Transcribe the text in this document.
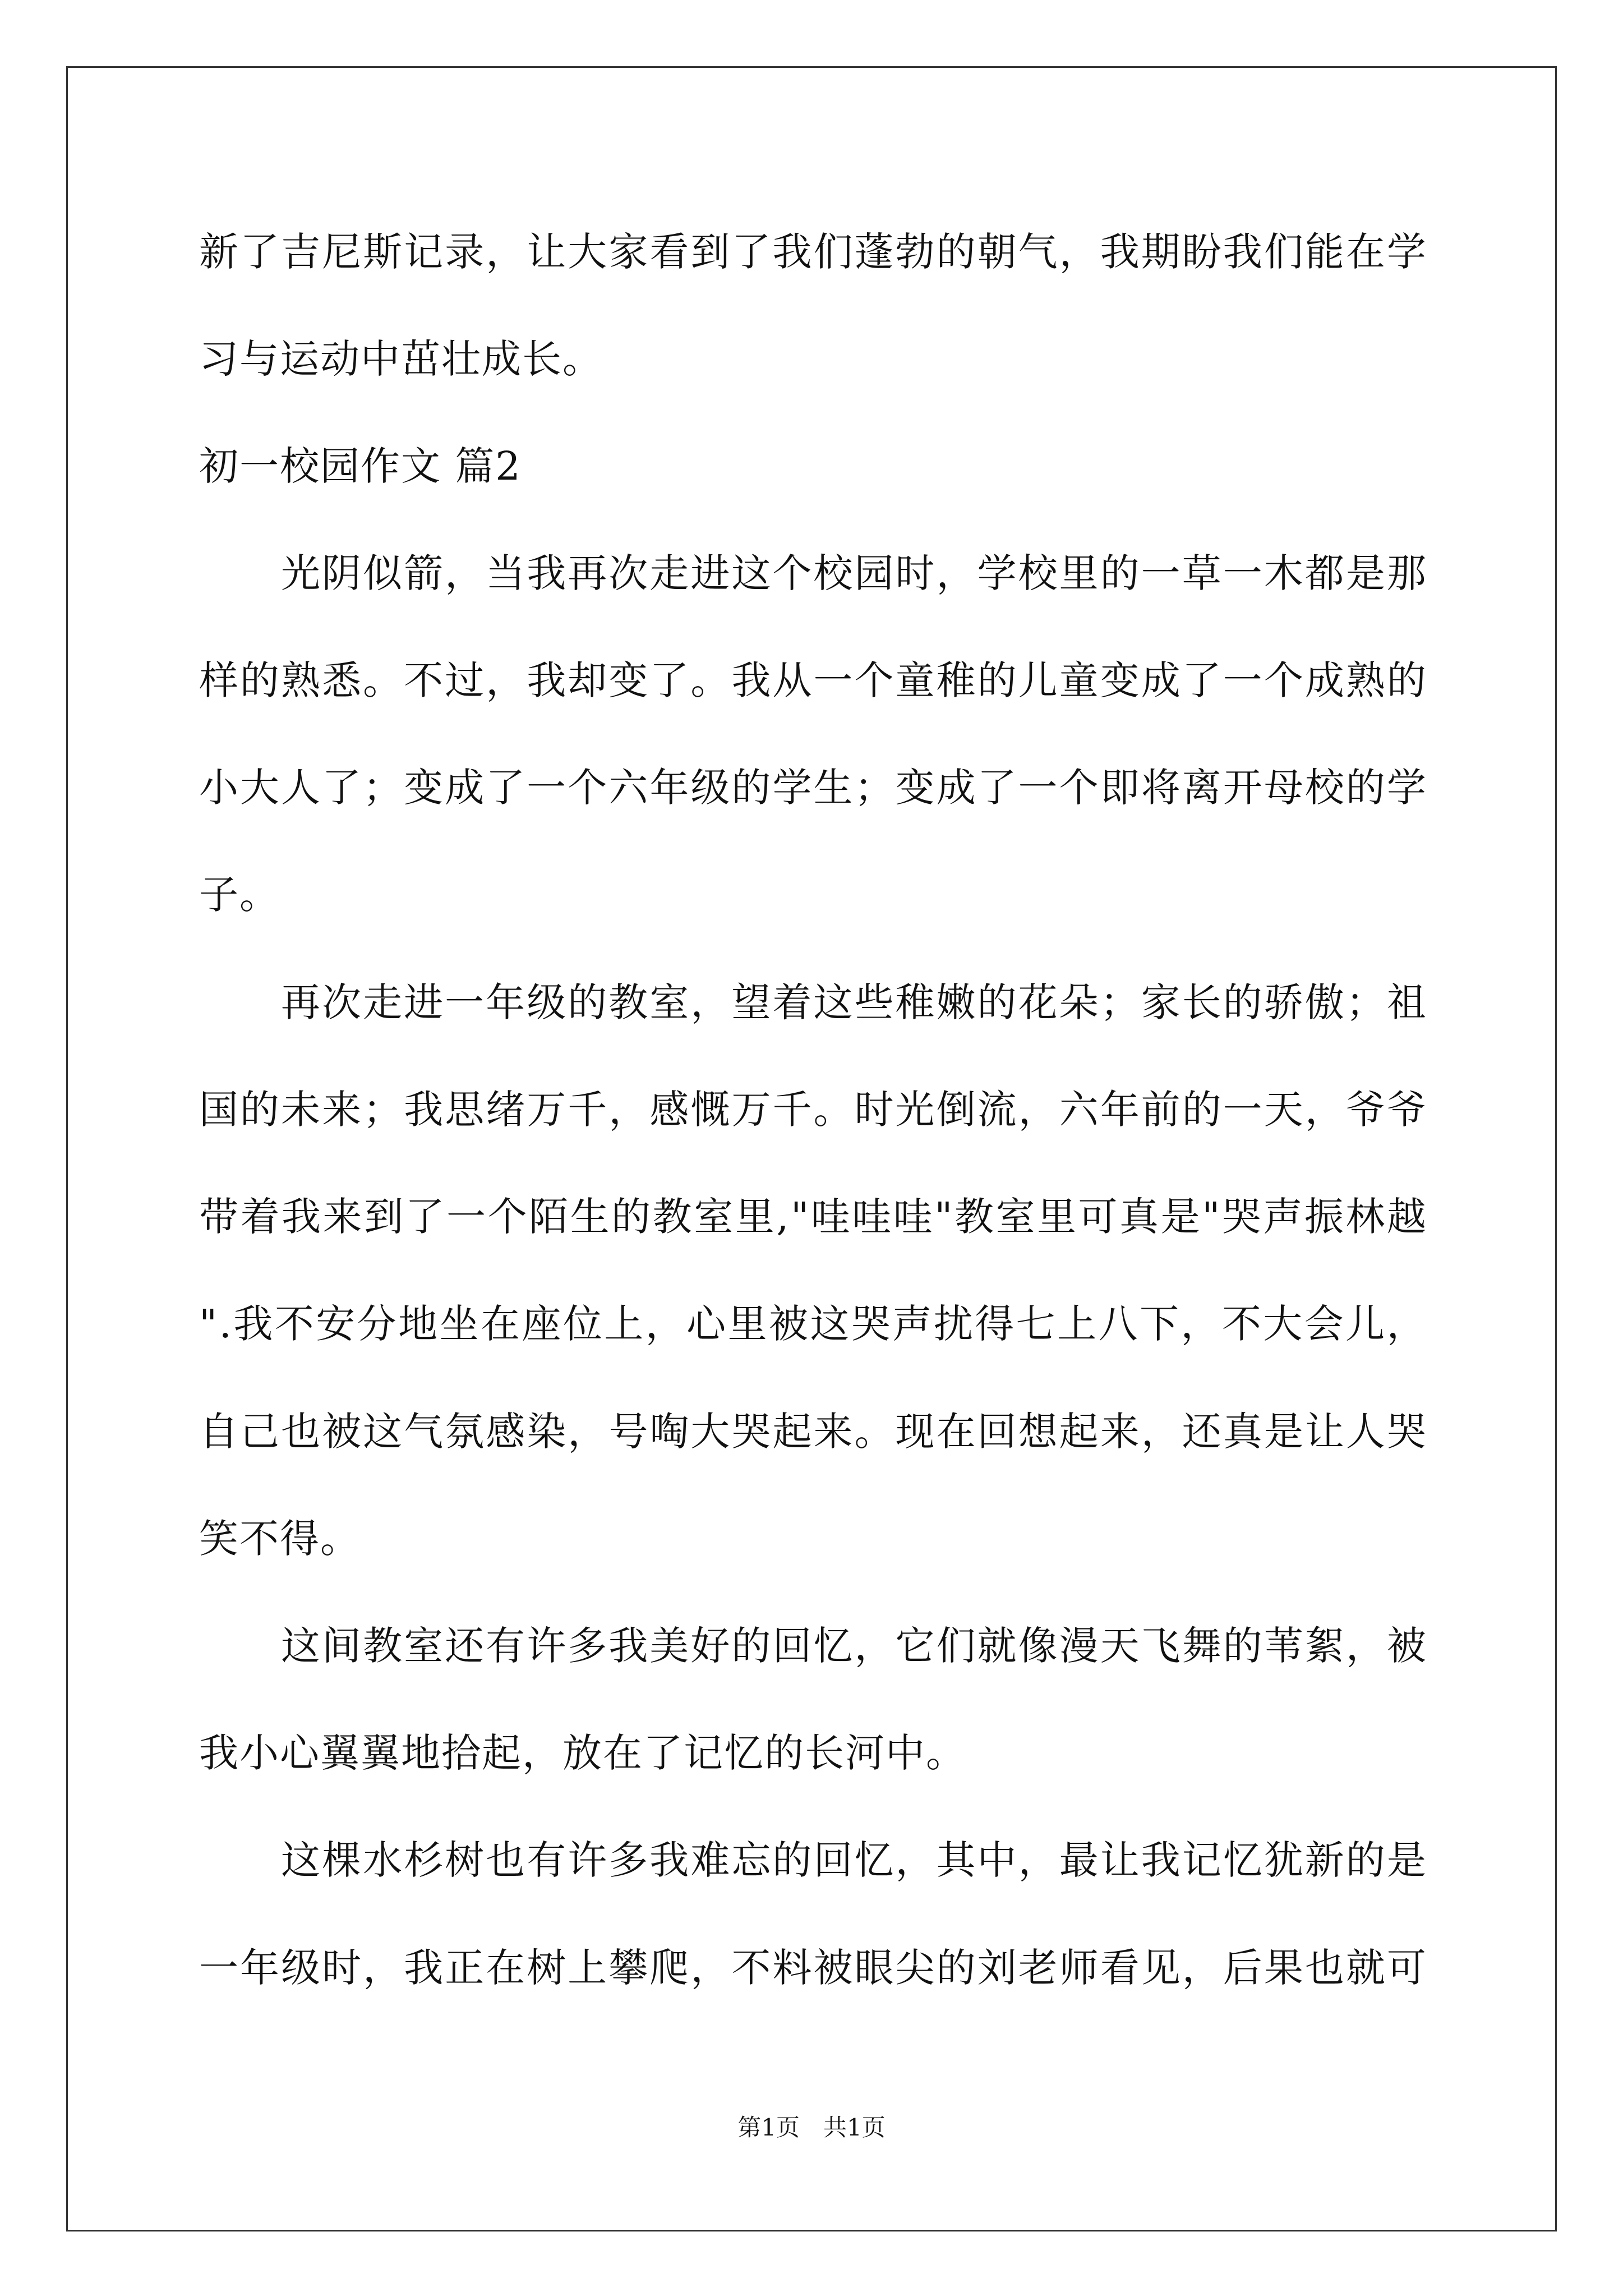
新 了 吉 尼 斯 记 录 ， 让 大 家 看 到 了 我 们 蓬 勃 的 朝 气 ， 我 期 盼 我 们 能 在 学
习与运动中茁壮成长。
初一校园作文 篇2
光 阴 似 箭 ， 当 我 再 次 走 进 这 个 校 园 时 ， 学 校 里 的 一 草 一 木 都 是 那
样 的 熟 悉 。 不 过 ， 我 却 变 了 。 我 从 一 个 童 稚 的 儿 童 变 成 了 一 个 成 熟 的
小 大 人 了 ； 变 成 了 一 个 六 年 级 的 学 生 ； 变 成 了 一 个 即 将 离 开 母 校 的 学
子。
再 次 走 进 一 年 级 的 教 室 ， 望 着 这 些 稚 嫩 的 花 朵 ； 家 长 的 骄 傲 ； 祖
国 的 未 来 ； 我 思 绪 万 千 ， 感 慨 万 千 。 时 光 倒 流 ， 六 年 前 的 一 天 ， 爷 爷
带 着 我 来 到 了 一 个 陌 生 的 教 室 里 , " 哇 哇 哇 " 教 室 里 可 真 是 " 哭 声 振 林 越
" . 我 不 安 分 地 坐 在 座 位 上 ， 心 里 被 这 哭 声 扰 得 七 上 八 下 ， 不 大 会 儿 ，
自 己 也 被 这 气 氛 感 染 ， 号 啕 大 哭 起 来 。 现 在 回 想 起 来 ， 还 真 是 让 人 哭
笑不得。
这 间 教 室 还 有 许 多 我 美 好 的 回 忆 ， 它 们 就 像 漫 天 飞 舞 的 苇 絮 ， 被
我小心翼翼地拾起，放在了记忆的长河中。
这 棵 水 杉 树 也 有 许 多 我 难 忘 的 回 忆 ， 其 中 ， 最 让 我 记 忆 犹 新 的 是
一 年 级 时 ， 我 正 在 树 上 攀 爬 ， 不 料 被 眼 尖 的 刘 老 师 看 见 ， 后 果 也 就 可
第1页　共1页
